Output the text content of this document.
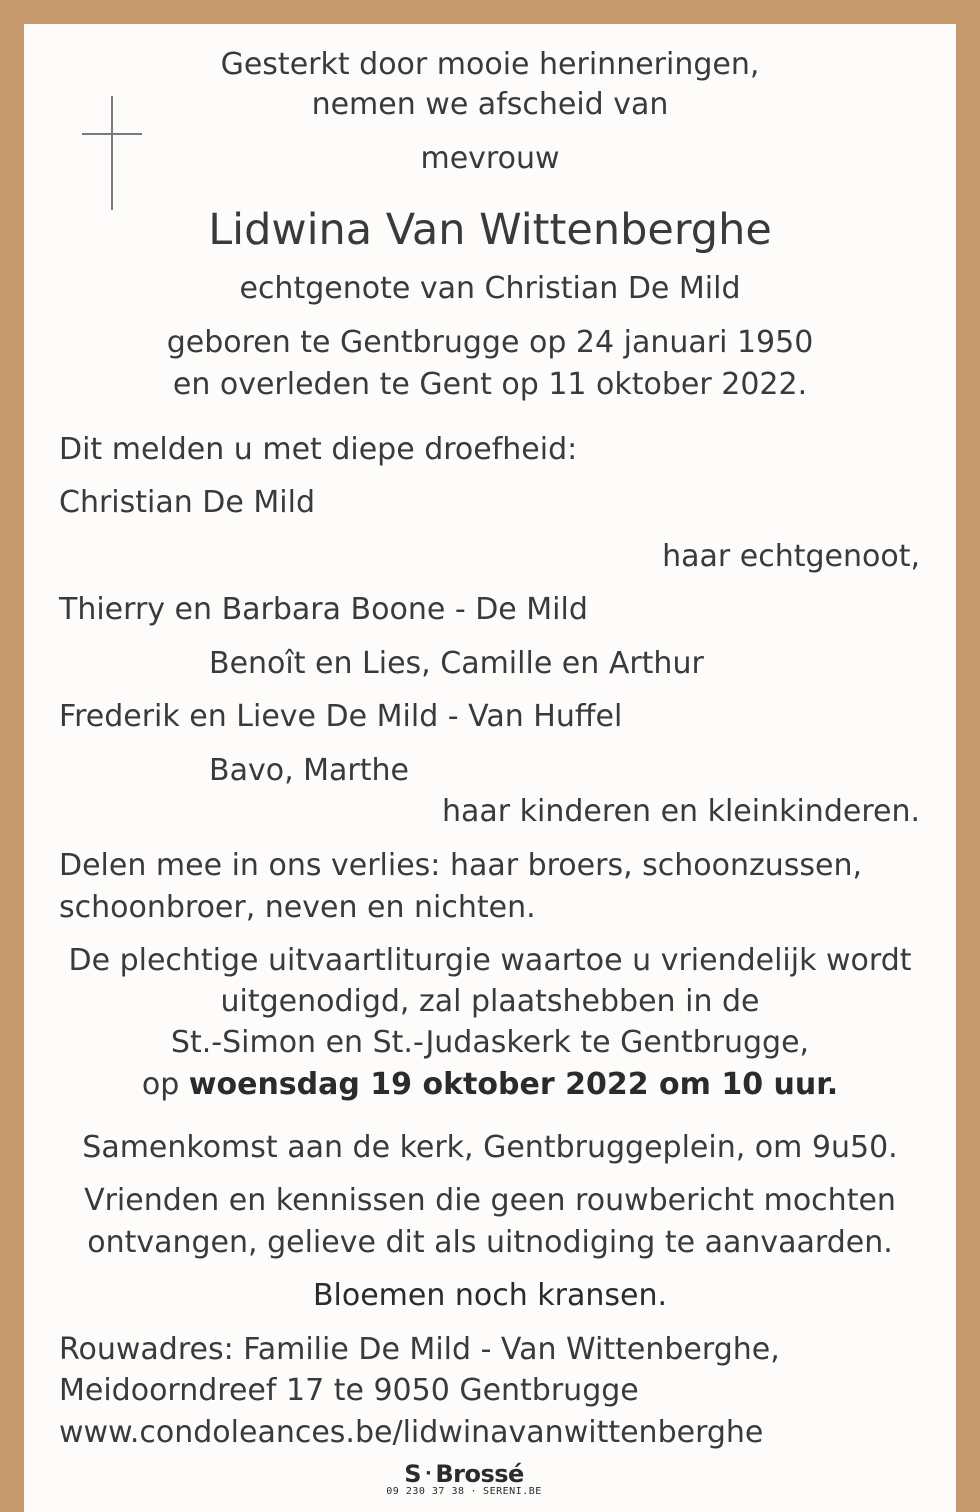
Gesterkt door mooie herinneringen,
nemen we afscheid van
mevrouw
Lidwina Van Wittenberghe
echtgenote van Christian De Mild
geboren te Gentbrugge op 24 januari 1950
en overleden te Gent op 11 oktober 2022.
Dit melden u met diepe droefheid:
Christian De Mild
haar echtgenoot,
Thierry en Barbara Boone - De Mild
Benoît en Lies, Camille en Arthur
Frederik en Lieve De Mild - Van Huffel
Bavo, Marthe
haar kinderen en kleinkinderen.
Delen mee in ons verlies: haar broers, schoonzussen,
schoonbroer, neven en nichten.
De plechtige uitvaartliturgie waartoe u vriendelijk wordt
uitgenodigd, zal plaatshebben in de
St.-Simon en St.-Judaskerk te Gentbrugge,
op woensdag 19 oktober 2022 om 10 uur.
Samenkomst aan de kerk, Gentbruggeplein, om 9u50.
Vrienden en kennissen die geen rouwbericht mochten
ontvangen, gelieve dit als uitnodiging te aanvaarden.
Bloemen noch kransen.
Rouwadres: Familie De Mild - Van Wittenberghe,
Meidoorndreef 17 te 9050 Gentbrugge
www.condoleances.be/lidwinavanwittenberghe
S · Brossé
09 230 37 38 · SERENI.BE
